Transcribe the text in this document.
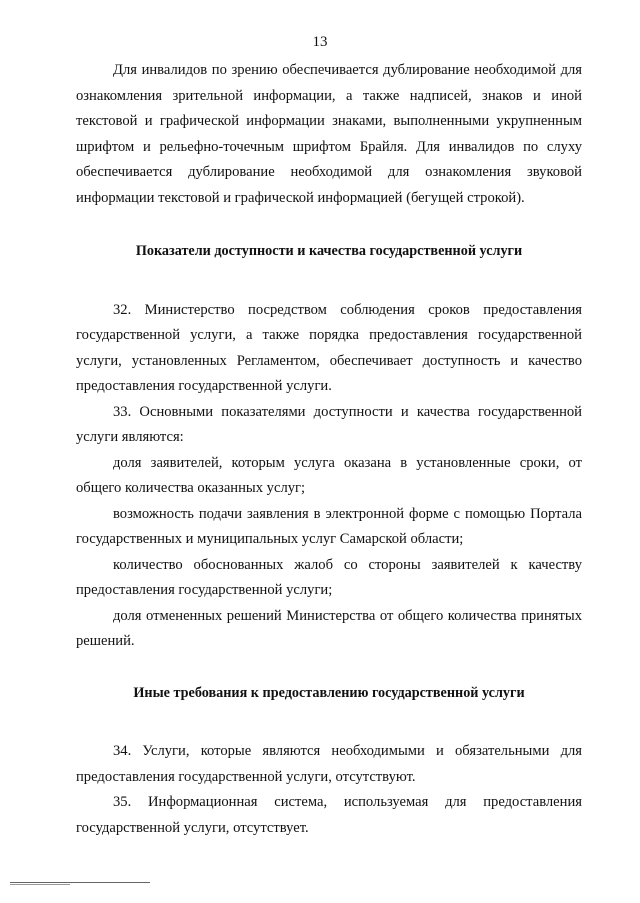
13

Для инвалидов по зрению обеспечивается дублирование необходимой для ознакомления зрительной информации, а также надписей, знаков и иной текстовой и графической информации знаками, выполненными укрупненным шрифтом и рельефно-точечным шрифтом Брайля. Для инвалидов по слуху обеспечивается дублирование необходимой для ознакомления звуковой информации текстовой и графической информацией (бегущей строкой).

Показатели доступности и качества государственной услуги

32. Министерство посредством соблюдения сроков предоставления государственной услуги, а также порядка предоставления государственной услуги, установленных Регламентом, обеспечивает доступность и качество предоставления государственной услуги.

33. Основными показателями доступности и качества государственной услуги являются:

доля заявителей, которым услуга оказана в установленные сроки, от общего количества оказанных услуг;

возможность подачи заявления в электронной форме с помощью Портала государственных и муниципальных услуг Самарской области;

количество обоснованных жалоб со стороны заявителей к качеству предоставления государственной услуги;

доля отмененных решений Министерства от общего количества принятых решений.

Иные требования к предоставлению государственной услуги

34. Услуги, которые являются необходимыми и обязательными для предоставления государственной услуги, отсутствуют.

35. Информационная система, используемая для предоставления государственной услуги, отсутствует.
